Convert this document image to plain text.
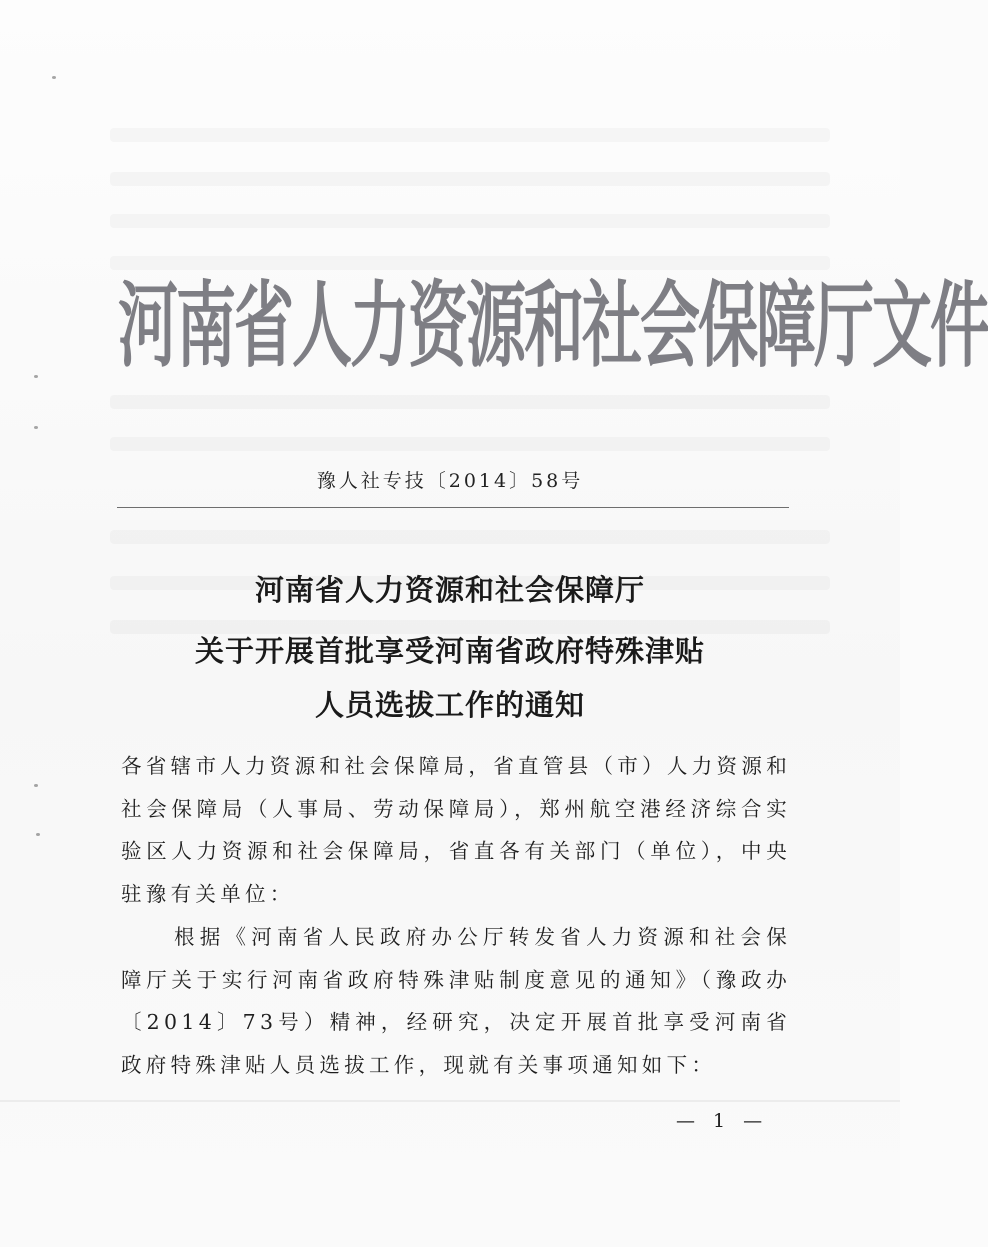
河南省人力资源和社会保障厅文件
豫人社专技〔2014〕58号
河南省人力资源和社会保障厅
关于开展首批享受河南省政府特殊津贴
人员选拔工作的通知
各省辖市人力资源和社会保障局，省直管县（市）人力资源和社会保障局（人事局、劳动保障局），郑州航空港经济综合实验区人力资源和社会保障局，省直各有关部门（单位），中央驻豫有关单位：
根据《河南省人民政府办公厅转发省人力资源和社会保障厅关于实行河南省政府特殊津贴制度意见的通知》（豫政办〔2014〕73号）精神，经研究，决定开展首批享受河南省政府特殊津贴人员选拔工作，现就有关事项通知如下：
— 1 —
